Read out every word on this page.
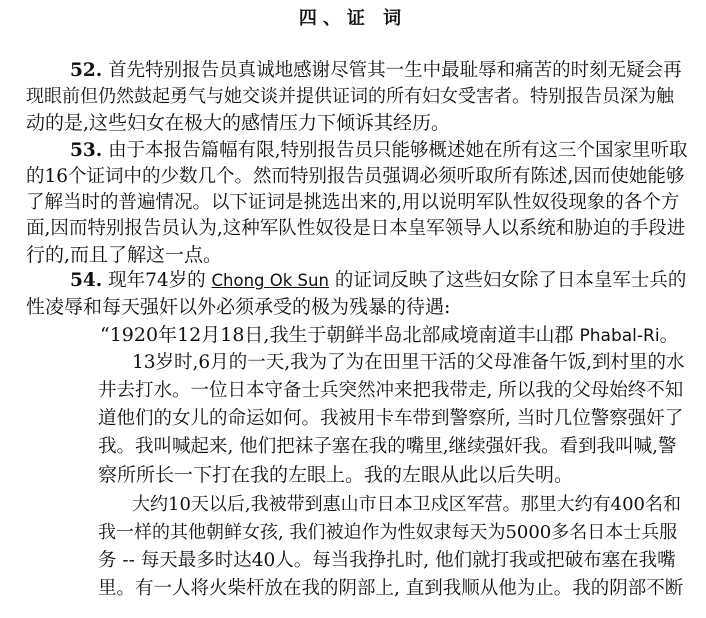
四、证 词
52. 首先特别报告员真诚地感谢尽管其一生中最耻辱和痛苦的时刻无疑会再
现眼前但仍然鼓起勇气与她交谈并提供证词的所有妇女受害者。特别报告员深为触
动的是,这些妇女在极大的感情压力下倾诉其经历。
53. 由于本报告篇幅有限,特别报告员只能够概述她在所有这三个国家里听取
的16个证词中的少数几个。然而特别报告员强调必须听取所有陈述,因而使她能够
了解当时的普遍情况。以下证词是挑选出来的,用以说明军队性奴役现象的各个方
面,因而特别报告员认为,这种军队性奴役是日本皇军领导人以系统和胁迫的手段进
行的,而且了解这一点。
54. 现年74岁的 Chong Ok Sun 的证词反映了这些妇女除了日本皇军士兵的
性凌辱和每天强奸以外必须承受的极为残暴的待遇:
“1920年12月18日,我生于朝鲜半岛北部咸境南道丰山郡 Phabal-Ri。
13岁时,6月的一天,我为了为在田里干活的父母准备午饭,到村里的水
井去打水。一位日本守备士兵突然冲来把我带走, 所以我的父母始终不知
道他们的女儿的命运如何。我被用卡车带到警察所, 当时几位警察强奸了
我。我叫喊起来, 他们把袜子塞在我的嘴里,继续强奸我。看到我叫喊,警
察所所长一下打在我的左眼上。我的左眼从此以后失明。
大约10天以后,我被带到惠山市日本卫戍区军营。那里大约有400名和
我一样的其他朝鲜女孩, 我们被迫作为性奴隶每天为5000多名日本士兵服
务 -- 每天最多时达40人。每当我挣扎时, 他们就打我或把破布塞在我嘴
里。有一人将火柴杆放在我的阴部上, 直到我顺从他为止。我的阴部不断
